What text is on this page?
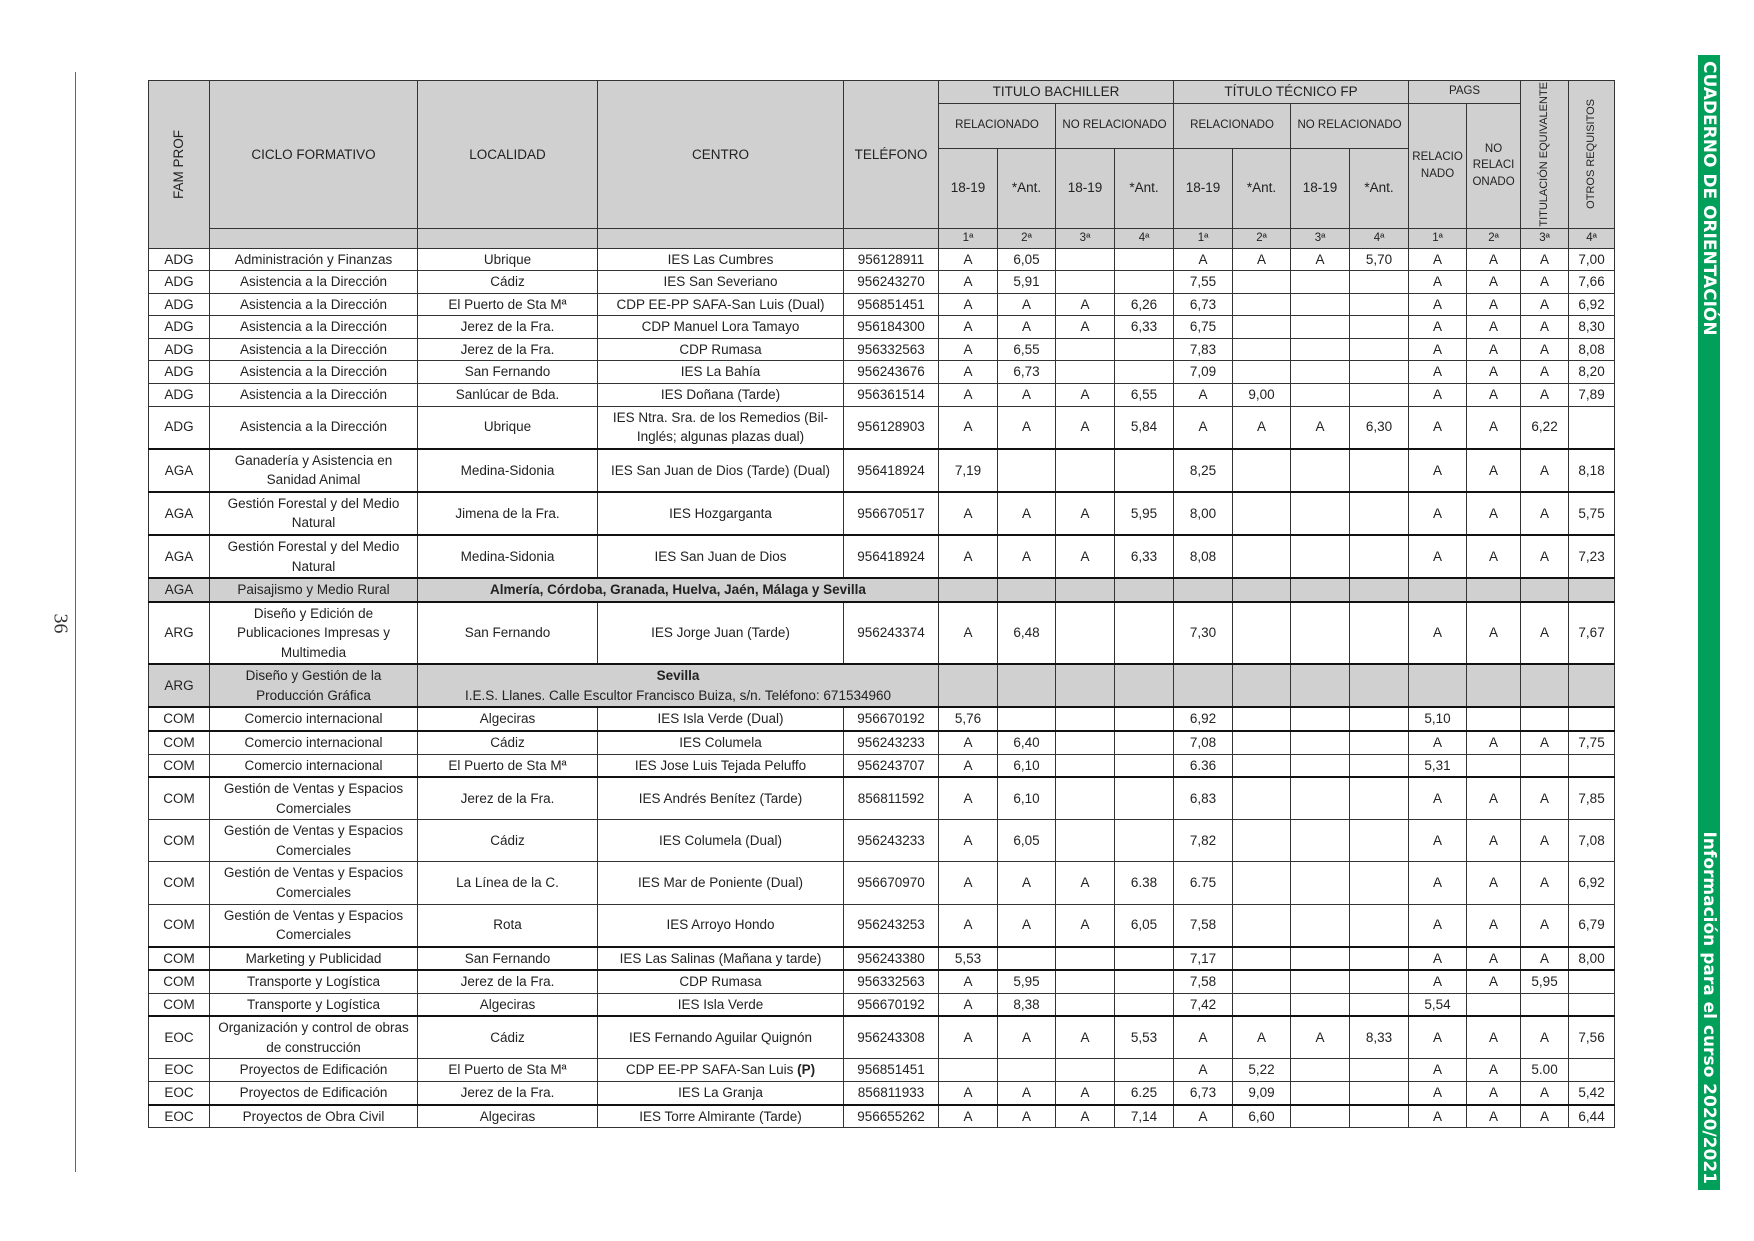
36
CUADERNO DE ORIENTACIÓN
Información para el curso 2020/2021
FAM PROF	CICLO FORMATIVO	LOCALIDAD	CENTRO	TELÉFONO	TITULO BACHILLER				TÍTULO TÉCNICO FP				PAGS		TITULACIÓN EQUIVALENTE	OTROS REQUISITOS

					RELACIONADO		NO RELACIONADO		RELACIONADO		NO RELACIONADO		RELACIO NADO	NO RELACI ONADO		
					18-19	*Ant.	18-19	*Ant.	18-19	*Ant.	18-19	*Ant.				
					1ª	2ª	3ª	4ª	1ª	2ª	3ª	4ª	1ª	2ª	3ª	4ª
ADG	Administración y Finanzas	Ubrique	IES Las Cumbres	956128911	A	6,05			A	A	A	5,70	A	A	A	7,00
ADG	Asistencia a la Dirección	Cádiz	IES San Severiano	956243270	A	5,91			7,55				A	A	A	7,66
ADG	Asistencia a la Dirección	El Puerto de Sta Mª	CDP EE-PP SAFA-San Luis (Dual)	956851451	A	A	A	6,26	6,73				A	A	A	6,92
ADG	Asistencia a la Dirección	Jerez de la Fra.	CDP Manuel Lora Tamayo	956184300	A	A	A	6,33	6,75				A	A	A	8,30
ADG	Asistencia a la Dirección	Jerez de la Fra.	CDP Rumasa	956332563	A	6,55			7,83				A	A	A	8,08
ADG	Asistencia a la Dirección	San Fernando	IES La Bahía	956243676	A	6,73			7,09				A	A	A	8,20
ADG	Asistencia a la Dirección	Sanlúcar de Bda.	IES Doñana (Tarde)	956361514	A	A	A	6,55	A	9,00			A	A	A	7,89
ADG	Asistencia a la Dirección	Ubrique	IES Ntra. Sra. de los Remedios (Bil- Inglés; algunas plazas dual)	956128903	A	A	A	5,84	A	A	A	6,30	A	A	6,22	
AGA	Ganadería y Asistencia en Sanidad Animal	Medina-Sidonia	IES San Juan de Dios (Tarde) (Dual)	956418924	7,19				8,25				A	A	A	8,18
AGA	Gestión Forestal y del Medio Natural	Jimena de la Fra.	IES Hozgarganta	956670517	A	A	A	5,95	8,00				A	A	A	5,75
AGA	Gestión Forestal y del Medio Natural	Medina-Sidonia	IES San Juan de Dios	956418924	A	A	A	6,33	8,08				A	A	A	7,23
AGA	Paisajismo y Medio Rural	Almería, Córdoba, Granada, Huelva, Jaén, Málaga y Sevilla														

ARG	Diseño y Edición de Publicaciones Impresas y Multimedia	San Fernando	IES Jorge Juan (Tarde)	956243374	A	6,48			7,30				A	A	A	7,67
ARG	Diseño y Gestión de la Producción Gráfica	Sevilla
I.E.S. Llanes. Calle Escultor Francisco Buiza, s/n. Teléfono: 671534960														

COM	Comercio internacional	Algeciras	IES Isla Verde (Dual)	956670192	5,76				6,92				5,10			
COM	Comercio internacional	Cádiz	IES Columela	956243233	A	6,40			7,08				A	A	A	7,75
COM	Comercio internacional	El Puerto de Sta Mª	IES Jose Luis Tejada Peluffo	956243707	A	6,10			6.36				5,31			
COM	Gestión de Ventas y Espacios Comerciales	Jerez de la Fra.	IES Andrés Benítez (Tarde)	856811592	A	6,10			6,83				A	A	A	7,85
COM	Gestión de Ventas y Espacios Comerciales	Cádiz	IES Columela (Dual)	956243233	A	6,05			7,82				A	A	A	7,08
COM	Gestión de Ventas y Espacios Comerciales	La Línea de la C.	IES Mar de Poniente (Dual)	956670970	A	A	A	6.38	6.75				A	A	A	6,92
COM	Gestión de Ventas y Espacios Comerciales	Rota	IES Arroyo Hondo	956243253	A	A	A	6,05	7,58				A	A	A	6,79
COM	Marketing y Publicidad	San Fernando	IES Las Salinas (Mañana y tarde)	956243380	5,53				7,17				A	A	A	8,00
COM	Transporte y Logística	Jerez de la Fra.	CDP Rumasa	956332563	A	5,95			7,58				A	A	5,95	
COM	Transporte y Logística	Algeciras	IES Isla Verde	956670192	A	8,38			7,42				5,54			
EOC	Organización y control de obras de construcción	Cádiz	IES Fernando Aguilar Quignón	956243308	A	A	A	5,53	A	A	A	8,33	A	A	A	7,56
EOC	Proyectos de Edificación	El Puerto de Sta Mª	CDP EE-PP SAFA-San Luis (P)	956851451					A	5,22			A	A	5.00	
EOC	Proyectos de Edificación	Jerez de la Fra.	IES La Granja	856811933	A	A	A	6.25	6,73	9,09			A	A	A	5,42
EOC	Proyectos de Obra Civil	Algeciras	IES Torre Almirante (Tarde)	956655262	A	A	A	7,14	A	6,60			A	A	A	6,44
